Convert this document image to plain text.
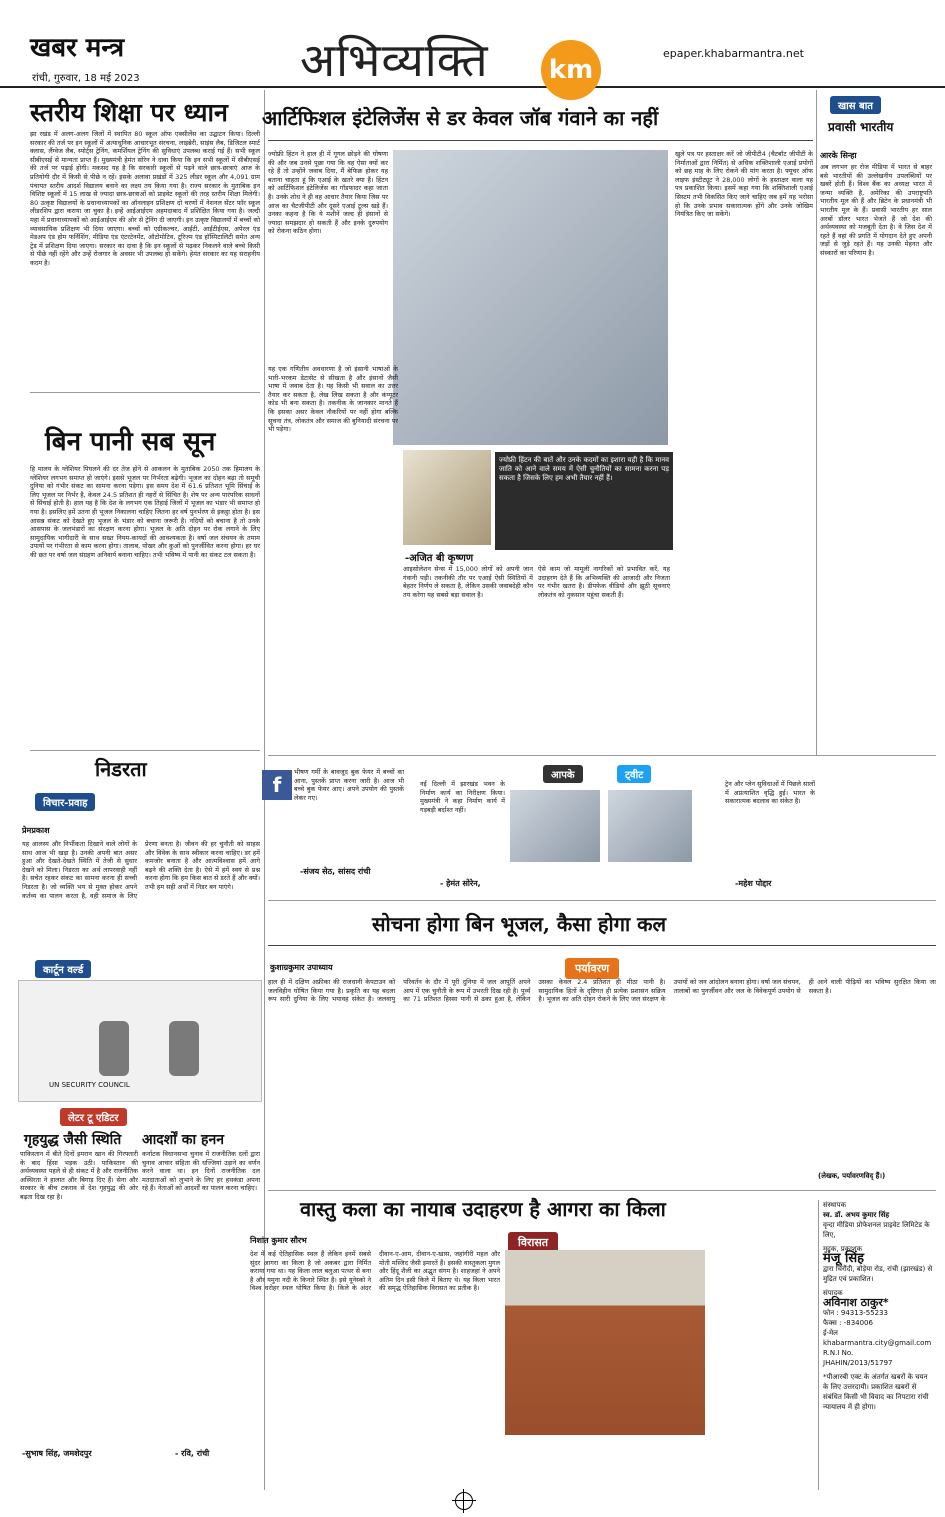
खबर मन्त्र
रांची, गुरुवार, 18 मई 2023	अभिव्यक्ति km
epaper.khabarmantra.net
स्तरीय शिक्षा पर ध्यान
झा रखंड में अलग-अलग जिलों में स्थापित 80 स्कूल ऑफ एक्सीलेंस का उद्घाटन किया। दिल्ली सरकार की तर्ज पर इन स्कूलों में अत्याधुनिक आधारभूत संरचना, लाइब्रेरी, साइंस लैब, डिजिटल स्मार्ट क्लास, लैंग्वेज लैब, स्पोर्ट्स ट्रेनिंग, कमर्शियल ट्रेनिंग की सुविधाएं उपलब्ध कराई गई हैं। सभी स्कूल सीबीएसई से मान्यता प्राप्त हैं। मुख्यमंत्री हेमंत सोरेन ने दावा किया कि इन सभी स्कूलों में सीबीएसई की तर्ज पर पढ़ाई होगी। मकसद यह है कि सरकारी स्कूलों से पढ़ने वाले छात्र-छात्राएं आज के प्रतियोगी दौर में किसी से पीछे न रहें। इसके अलावा प्रखंडों में 325 लीडर स्कूल और 4,091 ग्राम पंचायत स्तरीय आदर्श विद्यालय बनाने का लक्ष्य तय किया गया है। राज्य सरकार के मुताबिक इन विशिष्ट स्कूलों में 15 लाख से ज्यादा छात्र-छात्राओं को प्राइवेट स्कूलों की तरह स्तरीय शिक्षा मिलेगी। 80 उत्कृष्ट विद्यालयों के प्रधानाध्यापकों का ऑनलाइन प्रशिक्षण दो चरणों में नेशनल सेंटर फॉर स्कूल लीडरशिप द्वारा कराया जा चुका है। इन्हें आईआईएम अहमदाबाद में प्रशिक्षित किया गया है। जल्दी महा में प्रधानाध्यापकों को आईआईएम की ओर से ट्रेनिंग दी जाएगी। इन उत्कृष्ट विद्यालयों में बच्चों को व्यावसायिक प्रशिक्षण भी दिया जाएगा। बच्चों को एग्रीकल्चर, आईटी, आईटीईएस, अपेरल एंड मेडअप एंड होम फर्निशिंग, मीडिया एंड एंटरटेनमेंट, ऑटोमोटिव, टूरिज्म एंड हॉस्पिटालिटी समेत अन्य ट्रेड में प्रशिक्षण दिया जाएगा। सरकार का दावा है कि इन स्कूलों से पढ़कर निकलने वाले बच्चे किसी से पीछे नहीं रहेंगे और उन्हें रोजगार के अवसर भी उपलब्ध हो सकेंगे। हेमंत सरकार का यह सराहनीय कदम है।
बिन पानी सब सून
हि मालय के ग्लेशियर पिघलने की दर तेज होने से आकलन के मुताबिक 2050 तक हिमालय के ग्लेशियर लगभग समाप्त हो जाएंगे। इससे भूजल पर निर्भरता बढ़ेगी। भूजल का दोहन बढ़ा तो समूची दुनिया को गंभीर संकट का सामना करना पड़ेगा। इस समय देश में 61.6 प्रतिशत भूमि सिंचाई के लिए भूजल पर निर्भर है, केवल 24.5 प्रतिशत ही नहरों से सिंचित है। शेष पर अन्य पारंपरिक साधनों से सिंचाई होती है। हाल यह है कि देश के लगभग एक तिहाई जिलों में भूजल का भंडार भी समाप्त हो गया है। इसलिए हमें उतना ही भूजल निकालना चाहिए जितना हर वर्ष पुनर्भरण से इकट्ठा होता है। इस आसन्न संकट को देखते हुए भूजल के भंडार को बचाना जरूरी है। नदियों को बचाना है तो उनके आसपास के जलभंडारों का संरक्षण करना होगा। भूजल के अति दोहन पर रोक लगाने के लिए सामुदायिक भागीदारी के साथ सख्त नियम-कायदों की आवश्यकता है। वर्षा जल संचयन के तमाम उपायों पर गंभीरता से काम करना होगा। तालाब, पोखर और कुओं को पुनर्जीवित करना होगा। हर घर की छत पर वर्षा जल संग्रहण अनिवार्य बनाना चाहिए। तभी भविष्य में पानी का संकट टल सकता है।
निडरता
विचार-प्रवाह
प्रेमप्रकाश
यह आलस्य और निर्भीकता दिखाने वाले लोगों के साथ आज भी खड़ा है। उनकी अपनी बात असर हुआ और देखते-देखते स्थिति में तेजी से सुधार देखने को मिला। निडरता का अर्थ लापरवाही नहीं है। सचेत रहकर संकट का सामना करना ही सच्ची निडरता है। जो व्यक्ति भय से मुक्त होकर अपने कर्तव्य का पालन करता है, वही समाज के लिए प्रेरणा बनता है। जीवन की हर चुनौती को साहस और विवेक के साथ स्वीकार करना चाहिए। डर हमें कमजोर बनाता है और आत्मविश्वास हमें आगे बढ़ने की शक्ति देता है। ऐसे में हमें स्वयं से प्रश्न करना होगा कि हम किस बात से डरते हैं और क्यों। तभी हम सही अर्थों में निडर बन पाएंगे।
कार्टून वर्ल्ड
UN SECURITY COUNCIL
लेटर टू एडिटर
गृहयुद्ध जैसी स्थिति
पाकिस्तान में बीते दिनों इमरान खान की गिरफ्तारी के बाद हिंसा भड़क उठी। पाकिस्तान की अर्थव्यवस्था पहले से ही संकट में है और राजनीतिक अस्थिरता ने हालात और बिगाड़ दिए हैं। सेना और सरकार के बीच टकराव से देश गृहयुद्ध की ओर बढ़ता दिख रहा है।
-सुभाष सिंह, जमशेदपुर
आदर्शों का हनन
कर्नाटक विधानसभा चुनाव में राजनीतिक दलों द्वारा चुनाव आचार संहिता की धज्जियां उड़ाने का वर्णन करने वाला था। इन दिनों राजनीतिक दल मतदाताओं को लुभाने के लिए हर हथकंडा अपना रहे हैं। नेताओं को आदर्शों का पालन करना चाहिए।
- रवि, रांची
आर्टिफिशल इंटेलिजेंस से डर केवल जॉब गंवाने का नहीं
ज्योफ्री हिंटन ने हाल ही में गूगल छोड़ने की घोषणा की और जब उनसे पूछा गया कि वह ऐसा क्यों कर रहे हैं तो उन्होंने जवाब दिया, मैं बेफिक्र होकर यह बताना चाहता हूं कि एआई के खतरे क्या हैं। हिंटन को आर्टिफिशल इंटेलिजेंस का गॉडफादर कहा जाता है। उनके शोध ने ही वह आधार तैयार किया जिस पर आज का चैटजीपीटी और दूसरे एआई टूल्स खड़े हैं। उनका कहना है कि ये मशीनें जल्द ही इंसानों से ज्यादा समझदार हो सकती हैं और इनके दुरुपयोग को रोकना कठिन होगा।
यह एक गणितीय अवधारणा है जो इंसानी भाषाओं के भारी-भरकम डेटासेट से सीखता है और इंसानों जैसी भाषा में जवाब देता है। यह किसी भी सवाल का उत्तर तैयार कर सकता है, लेख लिख सकता है और कंप्यूटर कोड भी बना सकता है। तकनीक के जानकार मानते हैं कि इसका असर केवल नौकरियों पर नहीं होगा बल्कि सूचना तंत्र, लोकतंत्र और समाज की बुनियादी संरचना पर भी पड़ेगा।
खुले पत्र पर हस्ताक्षर करें जो जीपीटी4 (चैटबॉट जीपीटी के निर्माताओं द्वारा निर्मित) से अधिक शक्तिशाली एआई प्रयोगों को छह माह के लिए रोकने की मांग करता है। फ्यूचर ऑफ लाइफ इंस्टीट्यूट ने 28,000 लोगों के हस्ताक्षर वाला यह पत्र प्रकाशित किया। इसमें कहा गया कि शक्तिशाली एआई सिस्टम तभी विकसित किए जाने चाहिए जब हमें यह भरोसा हो कि उनके प्रभाव सकारात्मक होंगे और उनके जोखिम नियंत्रित किए जा सकेंगे।
-अजित बी कृष्णण
ज्योफ्री हिंटन की बातें और उनके कदमों का इशारा यही है कि मानव जाति को आने वाले समय में ऐसी चुनौतियों का सामना करना पड़ सकता है जिसके लिए हम अभी तैयार नहीं हैं।
आइसोलेशन सेन्स में 15,000 लोगों को अपनी जान गंवानी पड़ी। तकनीकी तौर पर एआई ऐसी स्थितियों में बेहतर निर्णय ले सकता है, लेकिन उसकी जवाबदेही कौन तय करेगा यह सबसे बड़ा सवाल है।
ऐसे काम जो मामूली नागरिकों को प्रभावित करें, यह उदाहरण देते हैं कि अभिव्यक्ति की आजादी और निजता पर गंभीर खतरा है। डीपफेक वीडियो और झूठी सूचनाएं लोकतंत्र को नुकसान पहुंचा सकती हैं।
खास बात
प्रवासी भारतीय
आरके सिन्हा
अब लगभग हर रोज मीडिया में भारत से बाहर बसे भारतीयों की उल्लेखनीय उपलब्धियों पर खबरें होती हैं। विश्व बैंक का अध्यक्ष भारत में जन्मा व्यक्ति है, अमेरिका की उपराष्ट्रपति भारतीय मूल की हैं और ब्रिटेन के प्रधानमंत्री भी भारतीय मूल के हैं। प्रवासी भारतीय हर साल अरबों डॉलर भारत भेजते हैं जो देश की अर्थव्यवस्था को मजबूती देता है। वे जिस देश में रहते हैं वहां की प्रगति में योगदान देते हुए अपनी जड़ों से जुड़े रहते हैं। यह उनकी मेहनत और संस्कारों का परिणाम है।
f
भीषण गर्मी के बावजूद बुक फेयर में बच्चों का आना, पुस्तकें प्राप्त करना जारी है। आज भी बच्चे बुक फेयर आए। अपने उपयोग की पुस्तकें लेकर गए।
-संजय सेठ, सांसद रांची
आपके	ट्वीट
नई दिल्ली में झारखंड भवन के निर्माण कार्य का निरीक्षण किया। मुख्यमंत्री ने कहा निर्माण कार्य में गड़बड़ी बर्दाश्त नहीं।
- हेमंत सोरेन,
ट्रेन और प्लेन सुविधाओं में पिछले सालों में अप्रत्याशित वृद्धि हुई। भारत के सकारात्मक बदलाव का संकेत है।
-महेश पोद्दार
सोचना होगा बिन भूजल, कैसा होगा कल
कुशाग्रकुमार उपाध्याय	पर्यावरण
हाल ही में दक्षिण अफ्रीका की राजधानी केपटाउन को जलविहीन घोषित किया गया है। प्रकृति का यह बदला रूप सारी दुनिया के लिए भयावह संकेत है। जलवायु परिवर्तन के दौर में पूरी दुनिया में जल आपूर्ति अपने आप में एक चुनौती के रूप में उभरती दिख रही है। पूर्व्य का 71 प्रतिशत हिस्सा पानी से ढका हुआ है, लेकिन उसका केवल 2.4 प्रतिशत ही मीठा पानी है। सामुदायिक हितों के दृष्टिगत ही प्रत्येक प्रशासन सक्रिय है। भूजल का अति दोहन रोकने के लिए जल संरक्षण के उपायों को जन आंदोलन बनाना होगा। वर्षा जल संचयन, तालाबों का पुनर्जीवन और जल के विवेकपूर्ण उपयोग से ही आने वाली पीढ़ियों का भविष्य सुरक्षित किया जा सकता है।
(लेखक, पर्यावरणविद् हैं।)
वास्तु कला का नायाब उदाहरण है आगरा का किला
निशांत कुमार सौरभ
देश में कई ऐतिहासिक स्थल हैं लेकिन इनमें सबसे सुंदर आगरा का किला है जो अकबर द्वारा निर्मित कराया गया था। यह किला लाल बलुआ पत्थर से बना है और यमुना नदी के किनारे स्थित है। इसे यूनेस्को ने विश्व धरोहर स्थल घोषित किया है। किले के अंदर दीवान-ए-आम, दीवान-ए-खास, जहांगीरी महल और मोती मस्जिद जैसी इमारतें हैं। इसकी वास्तुकला मुगल और हिंदू शैली का अद्भुत संगम है। शाहजहां ने अपने अंतिम दिन इसी किले में बिताए थे। यह किला भारत की समृद्ध ऐतिहासिक विरासत का प्रतीक है।
विरासत
संस्थापक
स्व. डॉ. अभय कुमार सिंह
वृन्दा मीडिया प्रोफेशनल प्राइवेट लिमिटेड के लिए,
मुद्रक, प्रकाशक
मंजू सिंह
द्वारा चिरौंदी, बोड़ेया रोड, रांची (झारखंड) से मुद्रित एवं प्रकाशित।
संपादक
अविनाश ठाकुर*
फोन : 94313-55233
फैक्स : -834006
ई-मेल
khabarmantra.city@gmail.com
R.N.I No.
JHAHIN/2013/51797
*पीआरबी एक्ट के अंतर्गत खबरों के चयन के लिए उत्तरदायी। प्रकाशित खबरों से संबंधित किसी भी विवाद का निपटारा रांची न्यायालय में ही होगा।
